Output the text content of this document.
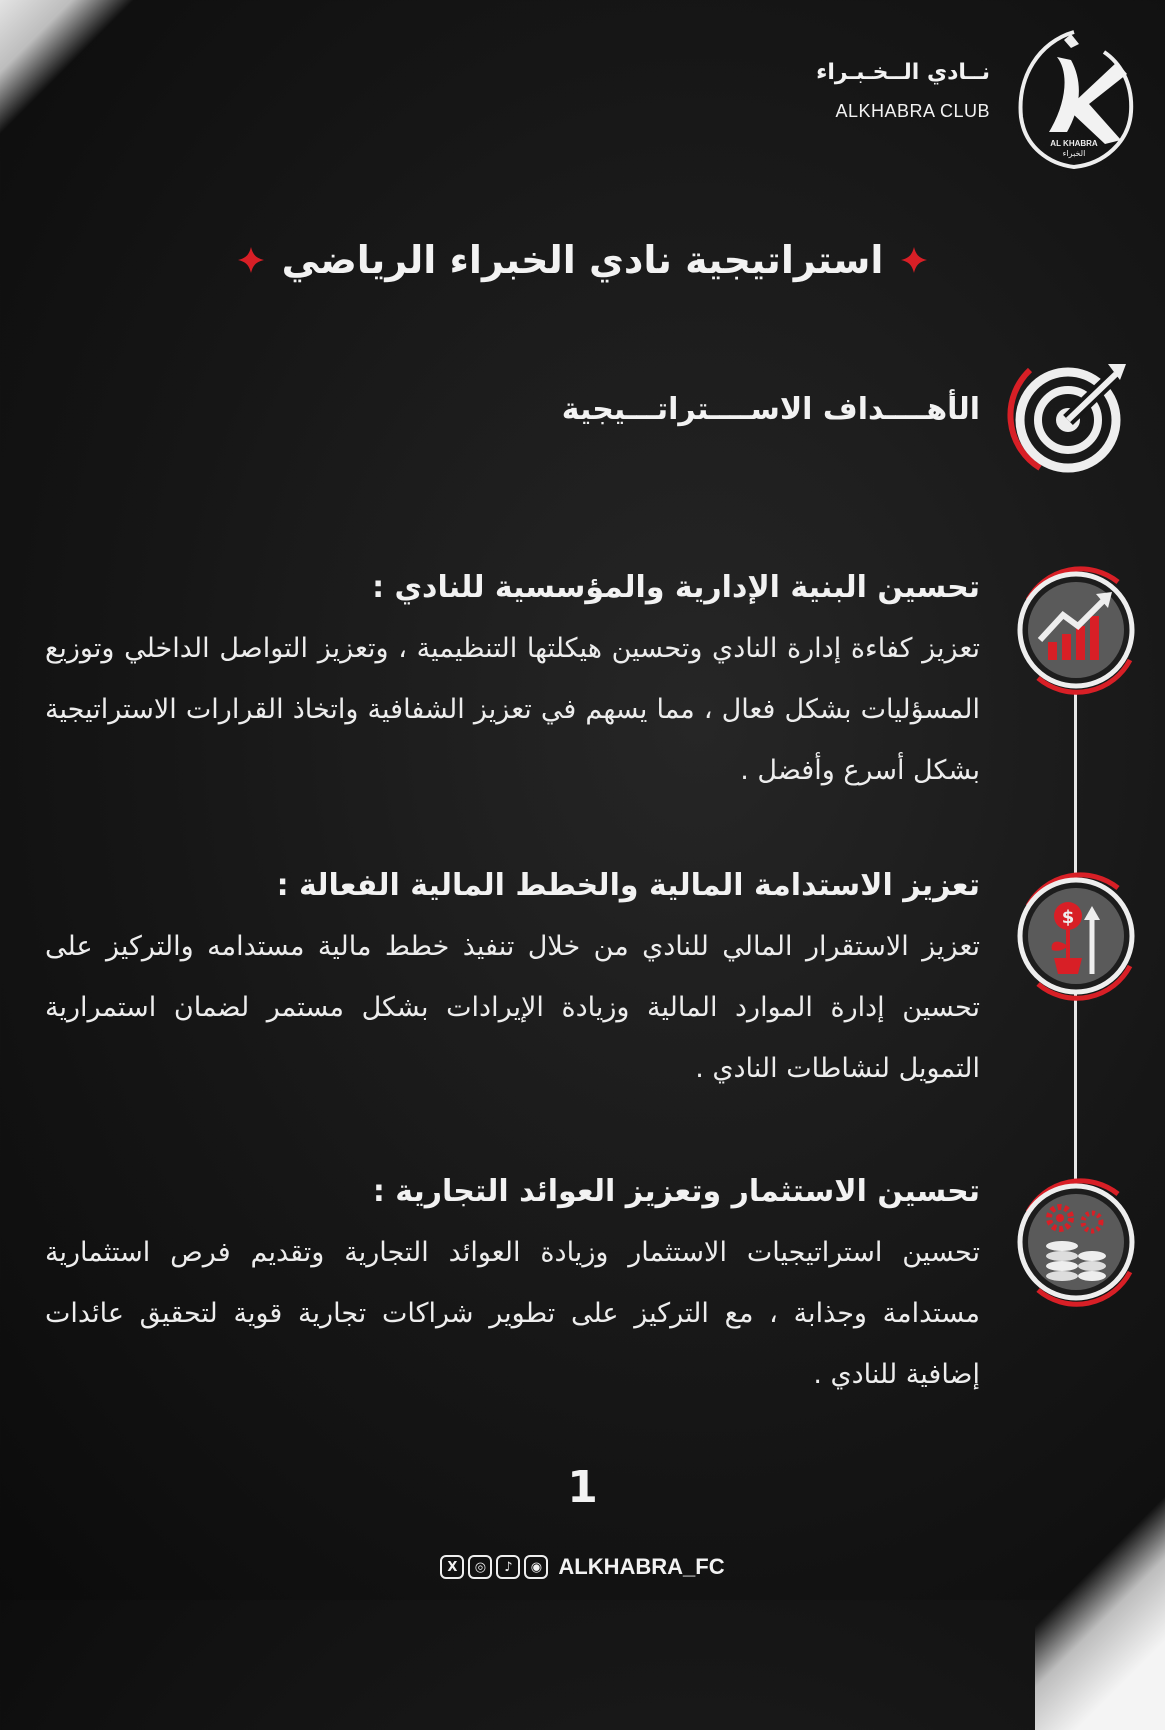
نــادي الــخـبـراء
ALKHABRA CLUB
AL KHABRA
الخبراء
استراتيجية نادي الخبراء الرياضي
الأهــــداف الاســــتراتـــيجية
$
تحسين البنية الإدارية والمؤسسية للنادي :

تعزيز كفاءة إدارة النادي وتحسين هيكلتها التنظيمية ، وتعزيز التواصل الداخلي وتوزيع المسؤليات بشكل فعال ، مما يسهم في تعزيز الشفافية واتخاذ القرارات الاستراتيجية بشكل أسرع وأفضل .

تعزيز الاستدامة المالية والخطط المالية الفعالة :

تعزيز الاستقرار المالي للنادي من خلال تنفيذ خطط مالية مستدامه والتركيز على تحسين إدارة الموارد المالية وزيادة الإيرادات بشكل مستمر لضمان استمرارية التمويل لنشاطات النادي .

تحسين الاستثمار وتعزيز العوائد التجارية :

تحسين استراتيجيات الاستثمار وزيادة العوائد التجارية وتقديم فرص استثمارية مستدامة وجذابة ، مع التركيز على تطوير شراكات تجارية قوية لتحقيق عائدات إضافية للنادي .

1
X	◎	♪	◉ ALKHABRA_FC
